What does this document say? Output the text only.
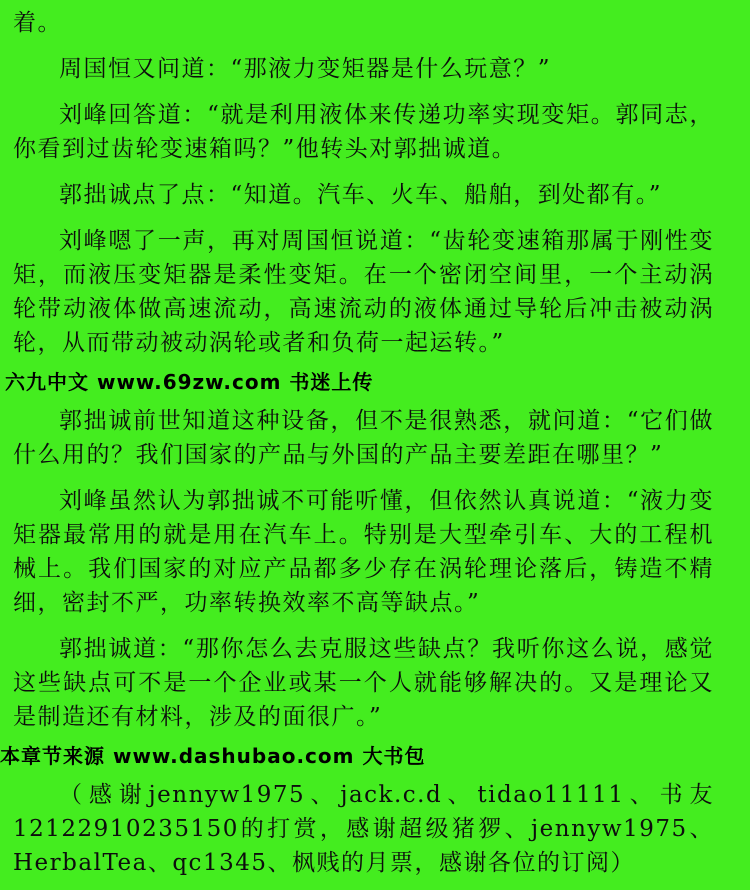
着。

周国恒又问道：“那液力变矩器是什么玩意？”

刘峰回答道：“就是利用液体来传递功率实现变矩。郭同志，你看到过齿轮变速箱吗？”他转头对郭拙诚道。

郭拙诚点了点：“知道。汽车、火车、船舶，到处都有。”

刘峰嗯了一声，再对周国恒说道：“齿轮变速箱那属于刚性变矩，而液压变矩器是柔性变矩。在一个密闭空间里，一个主动涡轮带动液体做高速流动，高速流动的液体通过导轮后冲击被动涡轮，从而带动被动涡轮或者和负荷一起运转。”

六九中文 www.69zw.com 书迷上传

郭拙诚前世知道这种设备，但不是很熟悉，就问道：“它们做什么用的？我们国家的产品与外国的产品主要差距在哪里？”

刘峰虽然认为郭拙诚不可能听懂，但依然认真说道：“液力变矩器最常用的就是用在汽车上。特别是大型牵引车、大的工程机械上。我们国家的对应产品都多少存在涡轮理论落后，铸造不精细，密封不严，功率转换效率不高等缺点。”

郭拙诚道：“那你怎么去克服这些缺点？我听你这么说，感觉这些缺点可不是一个企业或某一个人就能够解决的。又是理论又是制造还有材料，涉及的面很广。”

本章节来源 www.dashubao.com 大书包

（感谢jennyw1975、jack.c.d、tidao11111、书友12122910235150的打赏，感谢超级猪猡、jennyw1975、HerbalTea、qc1345、枫贱的月票，感谢各位的订阅）
